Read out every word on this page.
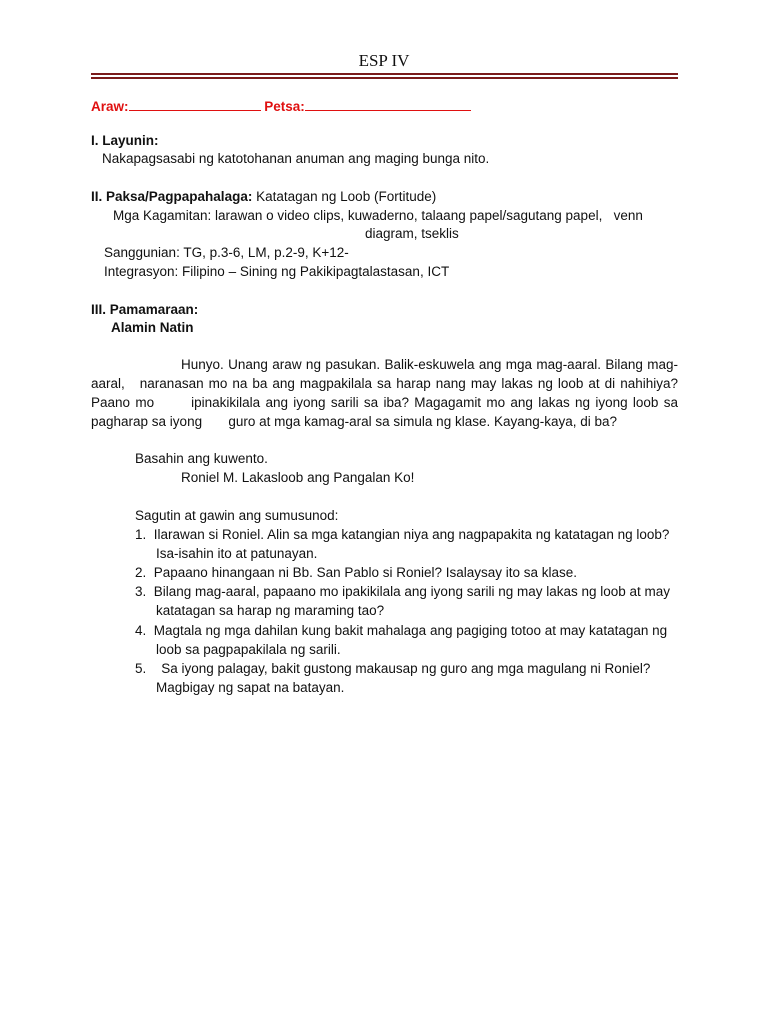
ESP IV
Araw:	Petsa:
I. Layunin:
Nakapagsasabi ng katotohanan anuman ang maging bunga nito.
II. Paksa/Pagpapahalaga: Katatagan ng Loob (Fortitude)
Mga Kagamitan: larawan o video clips, kuwaderno, talaang papel/sagutang papel,   venn
diagram, tseklis
Sanggunian: TG, p.3-6, LM, p.2-9, K+12-
Integrasyon: Filipino – Sining ng Pakikipagtalastasan, ICT
III. Pamamaraan:
Alamin Natin
Hunyo. Unang araw ng pasukan. Balik-eskuwela ang mga mag-aaral. Bilang mag-
aaral,   naranasan mo na ba ang magpakilala sa harap nang may lakas ng loob at di nahihiya?
Paano mo       ipinakikilala ang iyong sarili sa iba? Magagamit mo ang lakas ng iyong loob sa
pagharap sa iyong       guro at mga kamag-aral sa simula ng klase. Kayang-kaya, di ba?
Basahin ang kuwento.
Roniel M. Lakasloob ang Pangalan Ko!
Sagutin at gawin ang sumusunod:
1.  Ilarawan si Roniel. Alin sa mga katangian niya ang nagpapakita ng katatagan ng loob?
Isa-isahin ito at patunayan.
2.  Papaano hinangaan ni Bb. San Pablo si Roniel? Isalaysay ito sa klase.
3.  Bilang mag-aaral, papaano mo ipakikilala ang iyong sarili ng may lakas ng loob at may
katatagan sa harap ng maraming tao?
4.  Magtala ng mga dahilan kung bakit mahalaga ang pagiging totoo at may katatagan ng
loob sa pagpapakilala ng sarili.
5.    Sa iyong palagay, bakit gustong makausap ng guro ang mga magulang ni Roniel?
Magbigay ng sapat na batayan.
